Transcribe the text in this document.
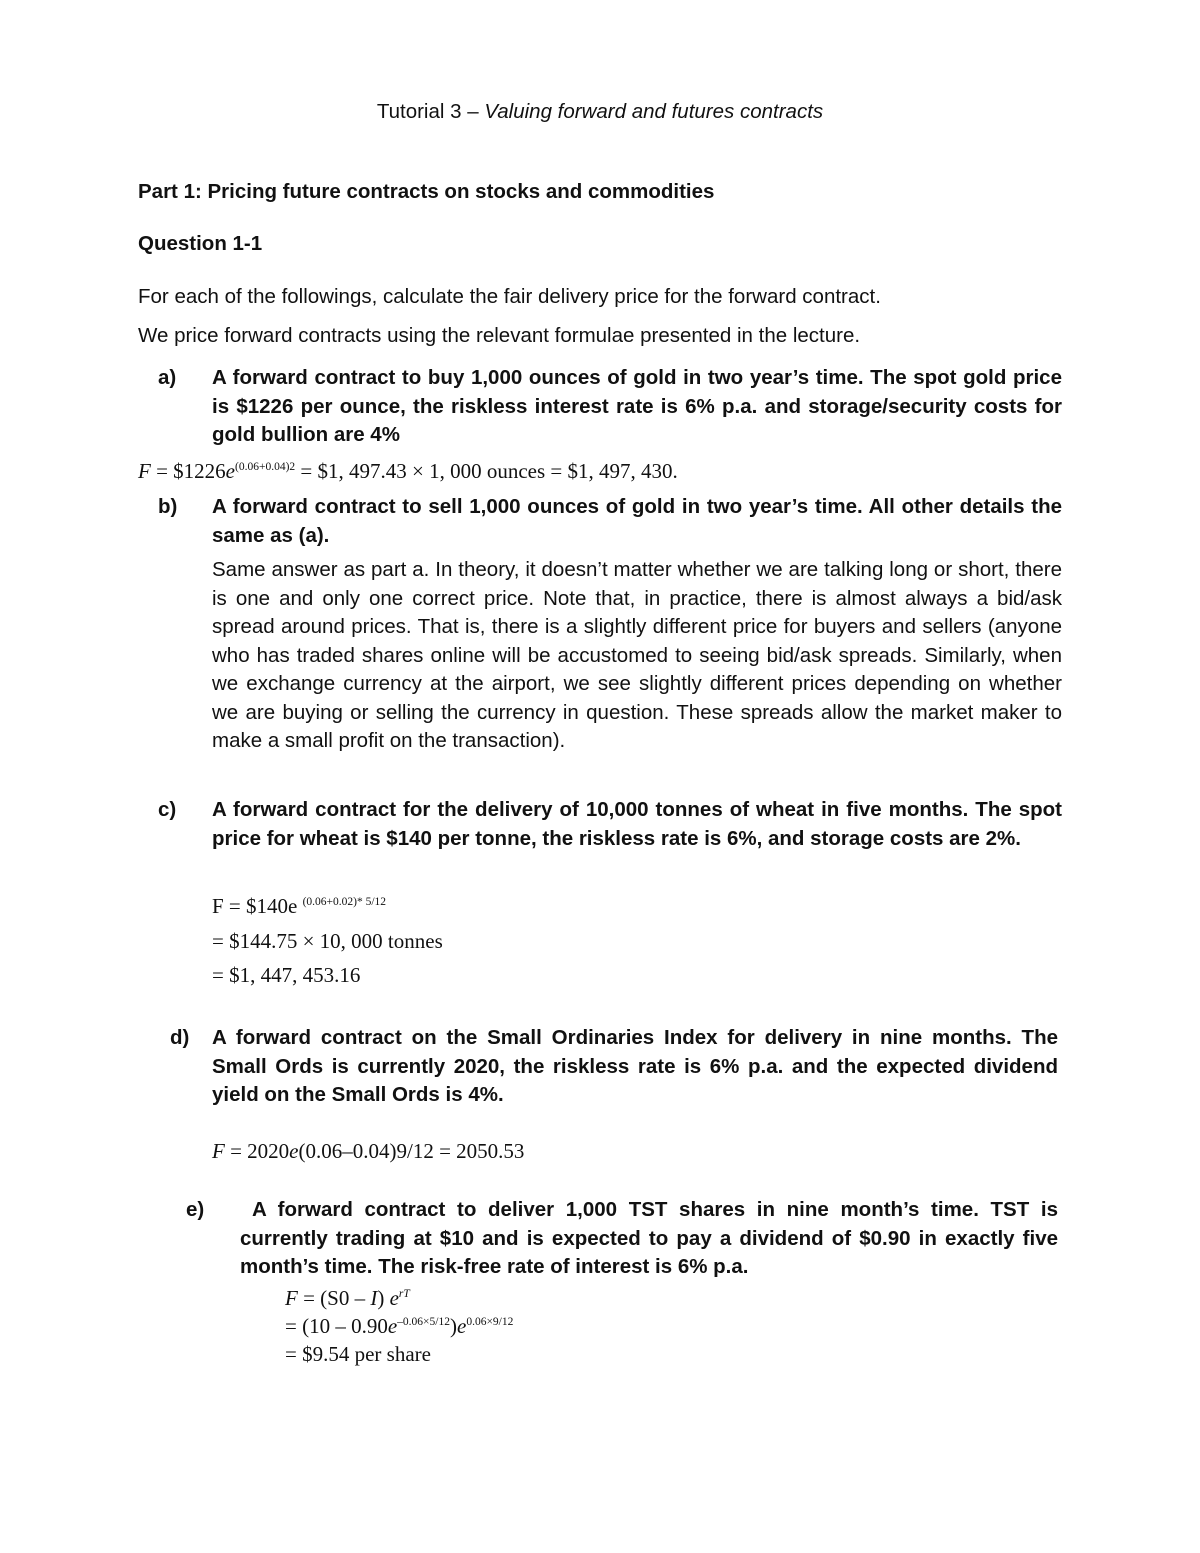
Tutorial 3 – Valuing forward and futures contracts
Part 1: Pricing future contracts on stocks and commodities
Question 1-1
For each of the followings, calculate the fair delivery price for the forward contract.
We price forward contracts using the relevant formulae presented in the lecture.
a) A forward contract to buy 1,000 ounces of gold in two year’s time. The spot gold price is $1226 per ounce, the riskless interest rate is 6% p.a. and storage/security costs for gold bullion are 4%
$F = \$1226e^{(0.06+0.04)2}$ = $1, 497.43 × 1, 000 ounces = $1, 497, 430.
b) A forward contract to sell 1,000 ounces of gold in two year’s time. All other details the same as (a).
Same answer as part a. In theory, it doesn’t matter whether we are talking long or short, there is one and only one correct price. Note that, in practice, there is almost always a bid/ask spread around prices. That is, there is a slightly different price for buyers and sellers (anyone who has traded shares online will be accustomed to seeing bid/ask spreads. Similarly, when we exchange currency at the airport, we see slightly different prices depending on whether we are buying or selling the currency in question. These spreads allow the market maker to make a small profit on the transaction).
c) A forward contract for the delivery of 10,000 tonnes of wheat in five months. The spot price for wheat is $140 per tonne, the riskless rate is 6%, and storage costs are 2%.
F = $140e $^{(0.06+0.02)* 5/12}$
= $144.75 × 10, 000 tonnes
= $1, 447, 453.16
d) A forward contract on the Small Ordinaries Index for delivery in nine months. The Small Ords is currently 2020, the riskless rate is 6% p.a. and the expected dividend yield on the Small Ords is 4%.
F = 2020e(0.06–0.04)9/12 = 2050.53
e)	A forward contract to deliver 1,000 TST shares in nine month’s time. TST is currently trading at $10 and is expected to pay a dividend of $0.90 in exactly five month’s time. The risk-free rate of interest is 6% p.a.
F = (S0 – I) $e^{rT}$
= $(10 - 0.90e^{-0.06\times 5/12})e^{0.06\times 9/12}$
= $9.54 per share
